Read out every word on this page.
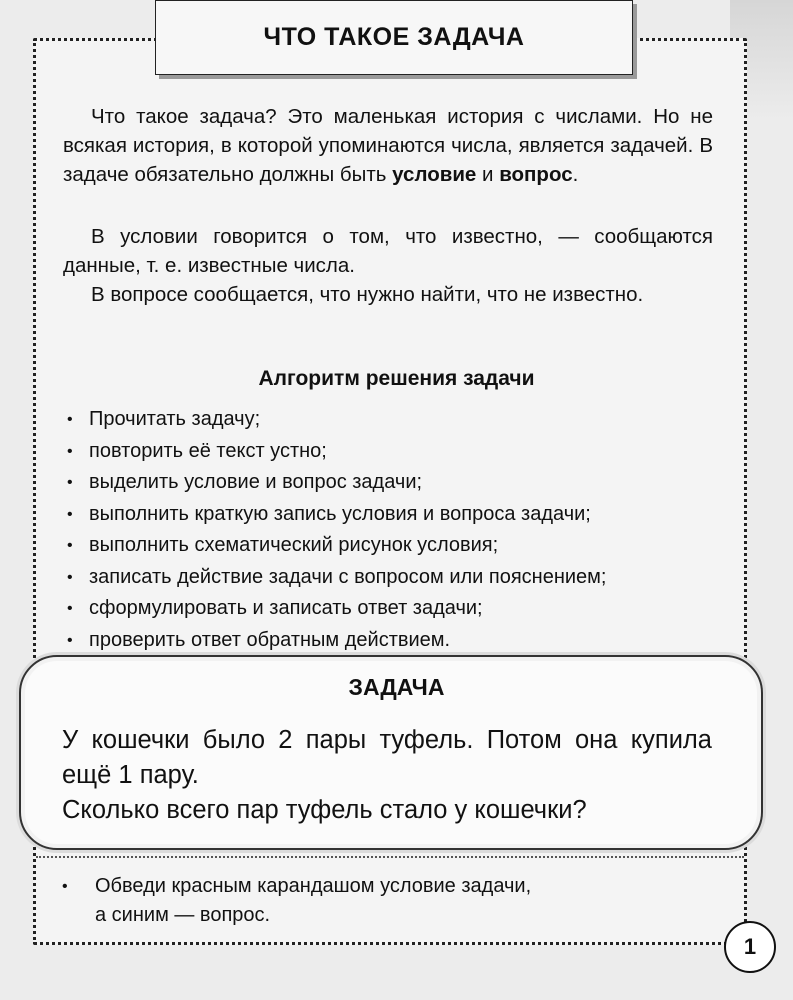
ЧТО ТАКОЕ ЗАДАЧА

Что такое задача? Это маленькая история с числами. Но не всякая история, в которой упоминаются числа, является задачей. В задаче обязательно должны быть условие и вопрос.

В условии говорится о том, что известно, — сообщаются данные, т. е. известные числа.

В вопросе сообщается, что нужно найти, что не известно.

Алгоритм решения задачи
• Прочитать задачу;
• повторить её текст устно;
• выделить условие и вопрос задачи;
• выполнить краткую запись условия и вопроса задачи;
• выполнить схематический рисунок условия;
• записать действие задачи с вопросом или пояснением;
• сформулировать и записать ответ задачи;
• проверить ответ обратным действием.
ЗАДАЧА

У кошечки было 2 пары туфель. Потом она купила ещё 1 пару.
Сколько всего пар туфель стало у кошечки?

•	Обведи красным карандашом условие задачи,
а синим — вопрос.
1
